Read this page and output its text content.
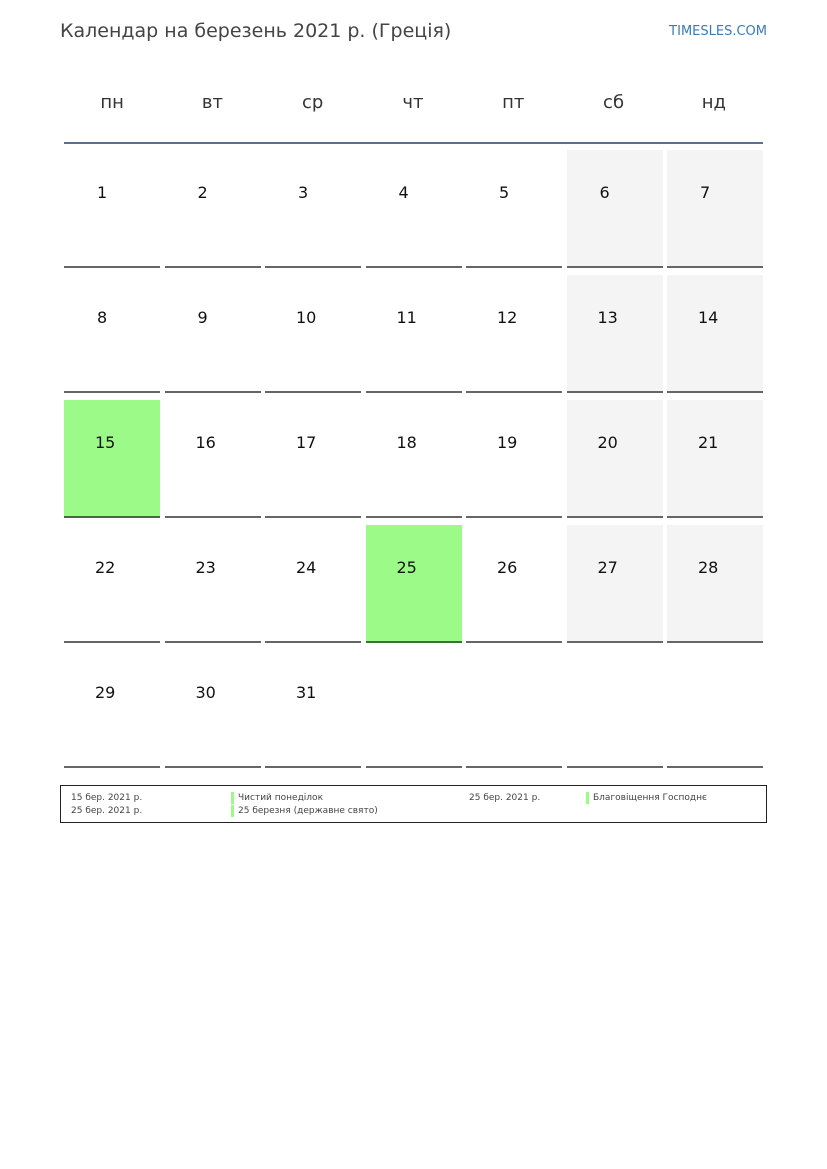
Календар на березень 2021 р. (Греція)	TIMESLES.COM
пн	вт	ср	чт	пт	сб	нд
1	2	3	4	5	6	7
8	9	10	11	12	13	14
15	16	17	18	19	20	21
22	23	24	25	26	27	28
29	30	31
15 бер. 2021 р.	Чистий понеділок
25 бер. 2021 р.	25 березня (державне свято)
25 бер. 2021 р.	Благовіщення Господнє
